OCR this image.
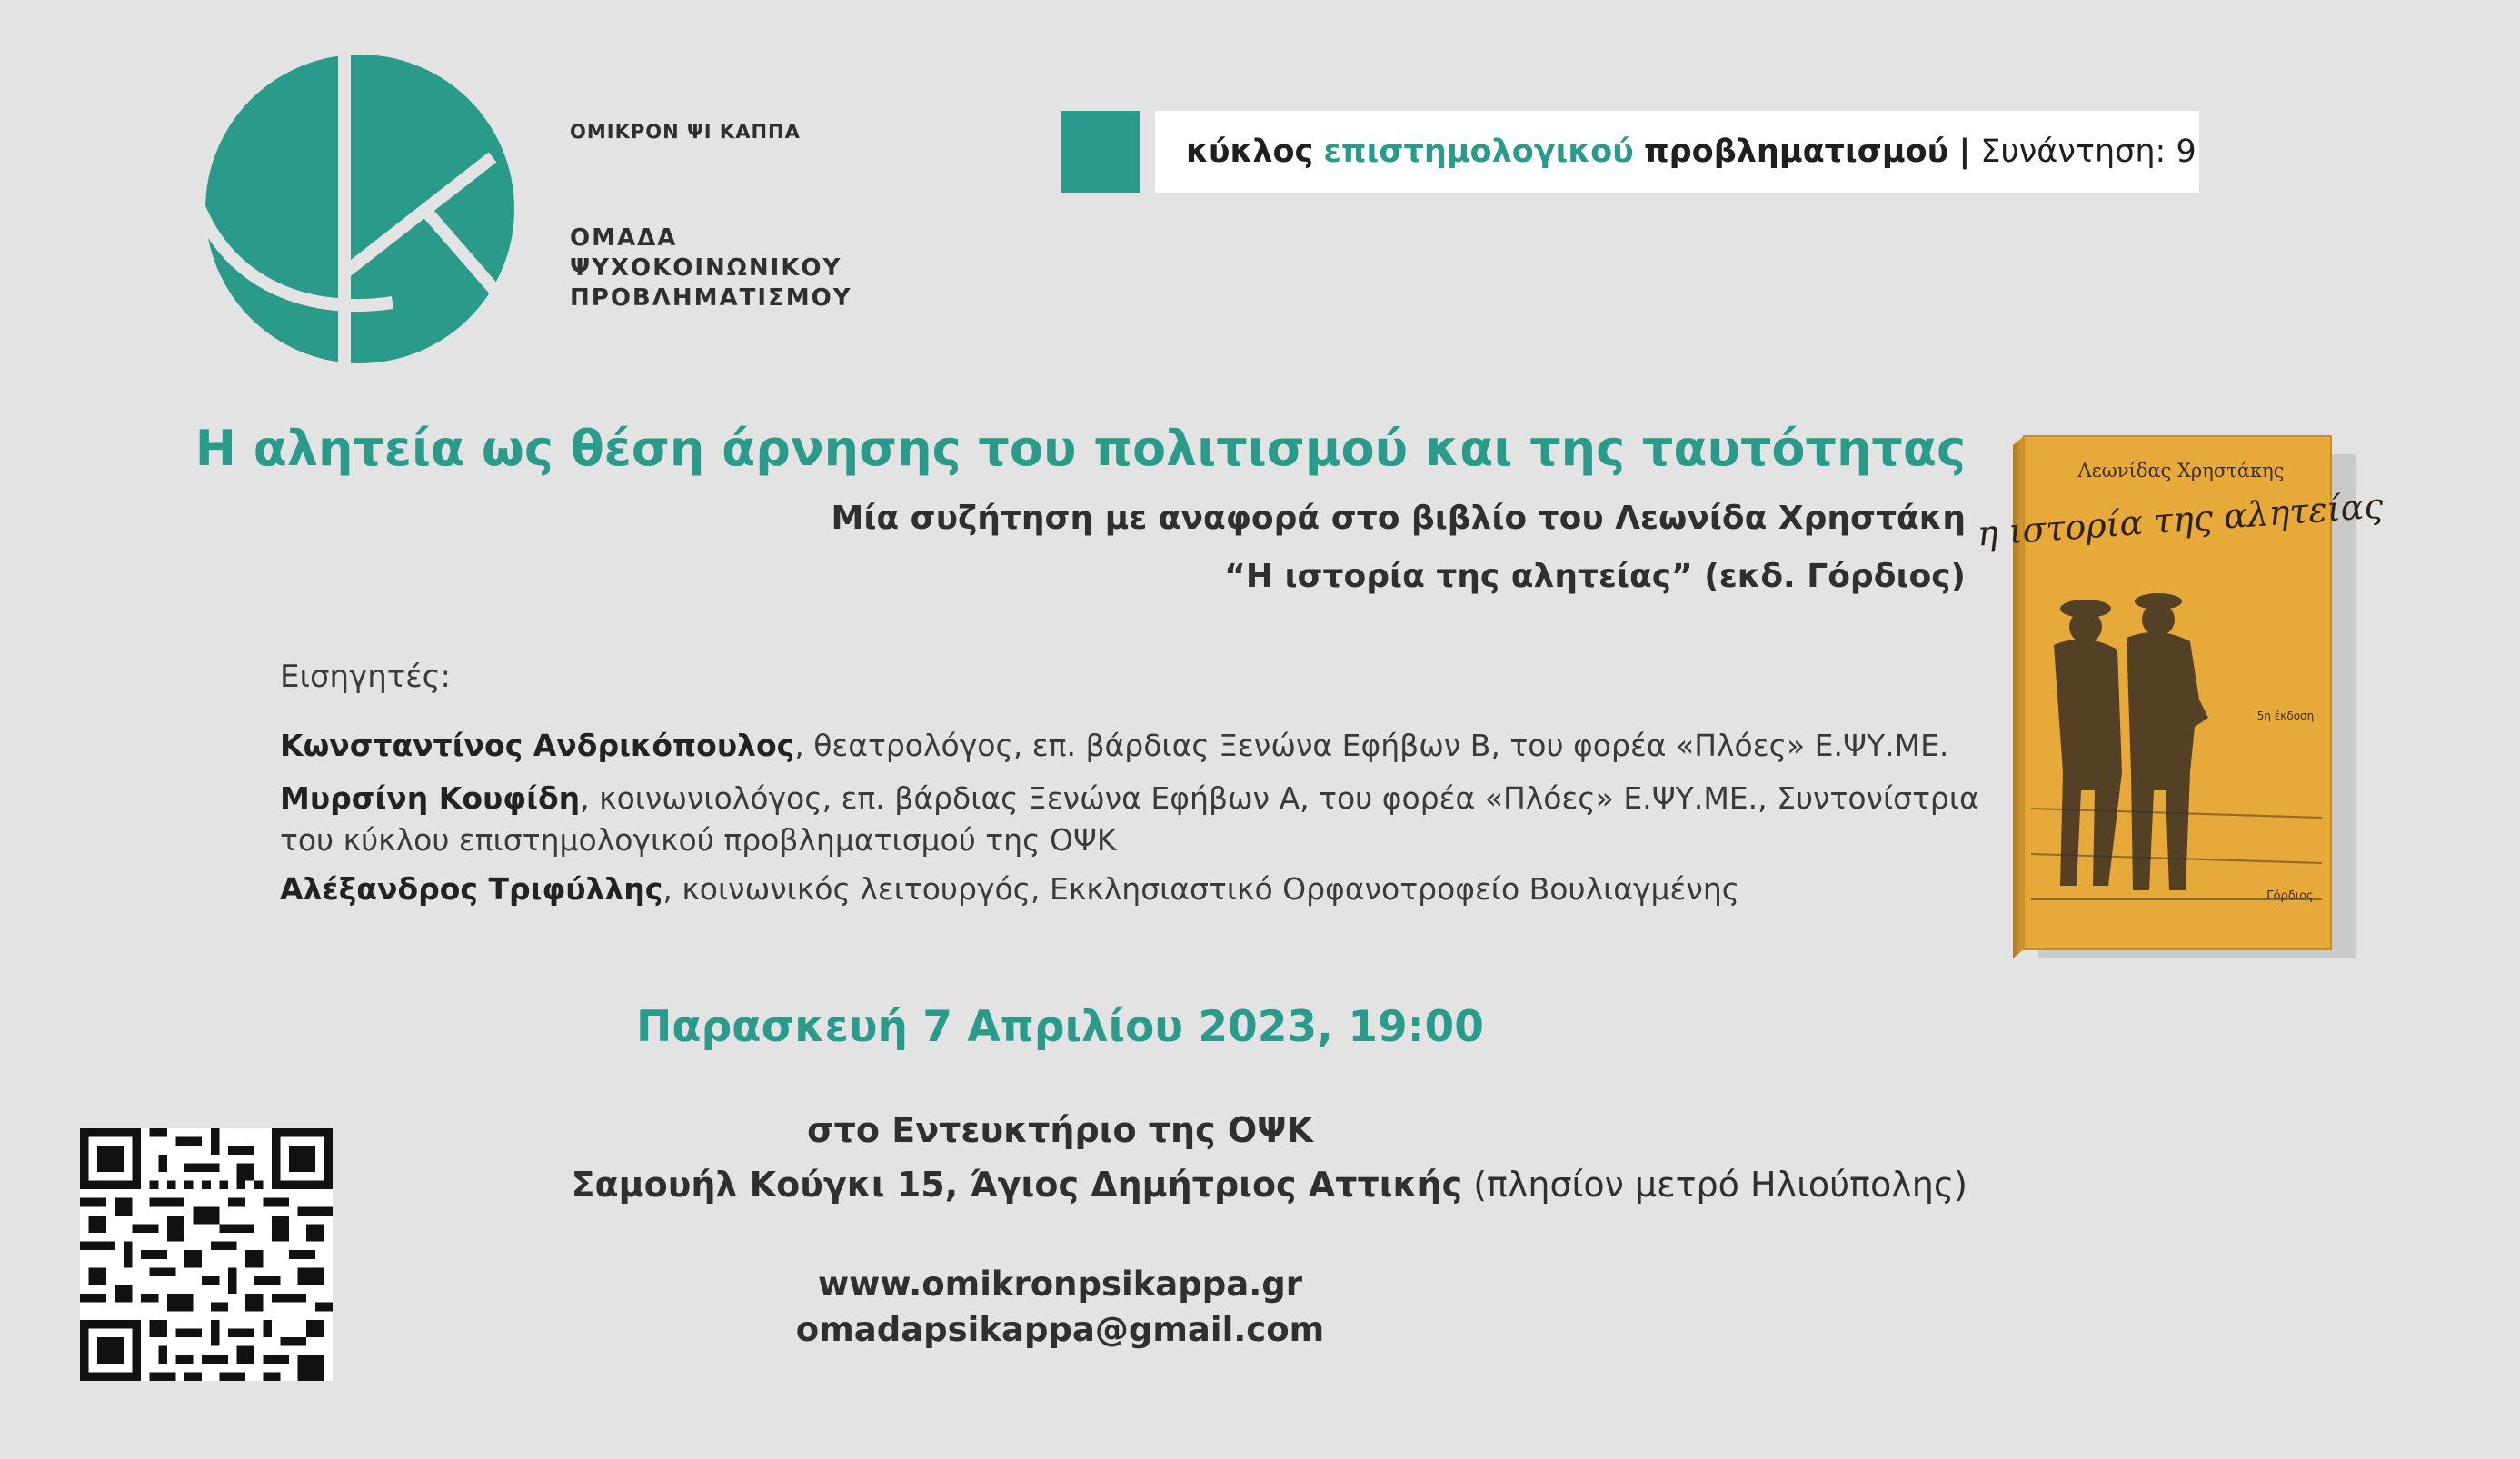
ΟΜΙΚΡΟΝ ΨΙ ΚΑΠΠΑ
ΟΜΑΔΑ
ΨΥΧΟΚΟΙΝΩΝΙΚΟΥ
ΠΡΟΒΛΗΜΑΤΙΣΜΟΥ
κύκλος επιστημολογικού προβληματισμού | Συνάντηση: 9
Η αλητεία ως θέση άρνησης του πολιτισμού και της ταυτότητας
Μία συζήτηση με αναφορά στο βιβλίο του Λεωνίδα Χρηστάκη
“Η ιστορία της αλητείας” (εκδ. Γόρδιος)
Εισηγητές:
Κωνσταντίνος Ανδρικόπουλος, θεατρολόγος, επ. βάρδιας Ξενώνα Εφήβων Β, του φορέα «Πλόες» Ε.ΨΥ.ΜΕ.
Μυρσίνη Κουφίδη, κοινωνιολόγος, επ. βάρδιας Ξενώνα Εφήβων Α, του φορέα «Πλόες» Ε.ΨΥ.ΜΕ., Συντονίστρια του κύκλου επιστημολογικού προβληματισμού της ΟΨΚ
Αλέξανδρος Τριφύλλης, κοινωνικός λειτουργός, Εκκλησιαστικό Ορφανοτροφείο Βουλιαγμένης
Παρασκευή 7 Απριλίου 2023, 19:00
στο Εντευκτήριο της ΟΨΚ
Σαμουήλ Κούγκι 15, Άγιος Δημήτριος Αττικής (πλησίον μετρό Ηλιούπολης)
www.omikronpsikappa.gr
omadapsikappa@gmail.com
Λεωνίδας Χρηστάκης
η ιστορία της αλητείας
5η έκδοση
Γόρδιος
